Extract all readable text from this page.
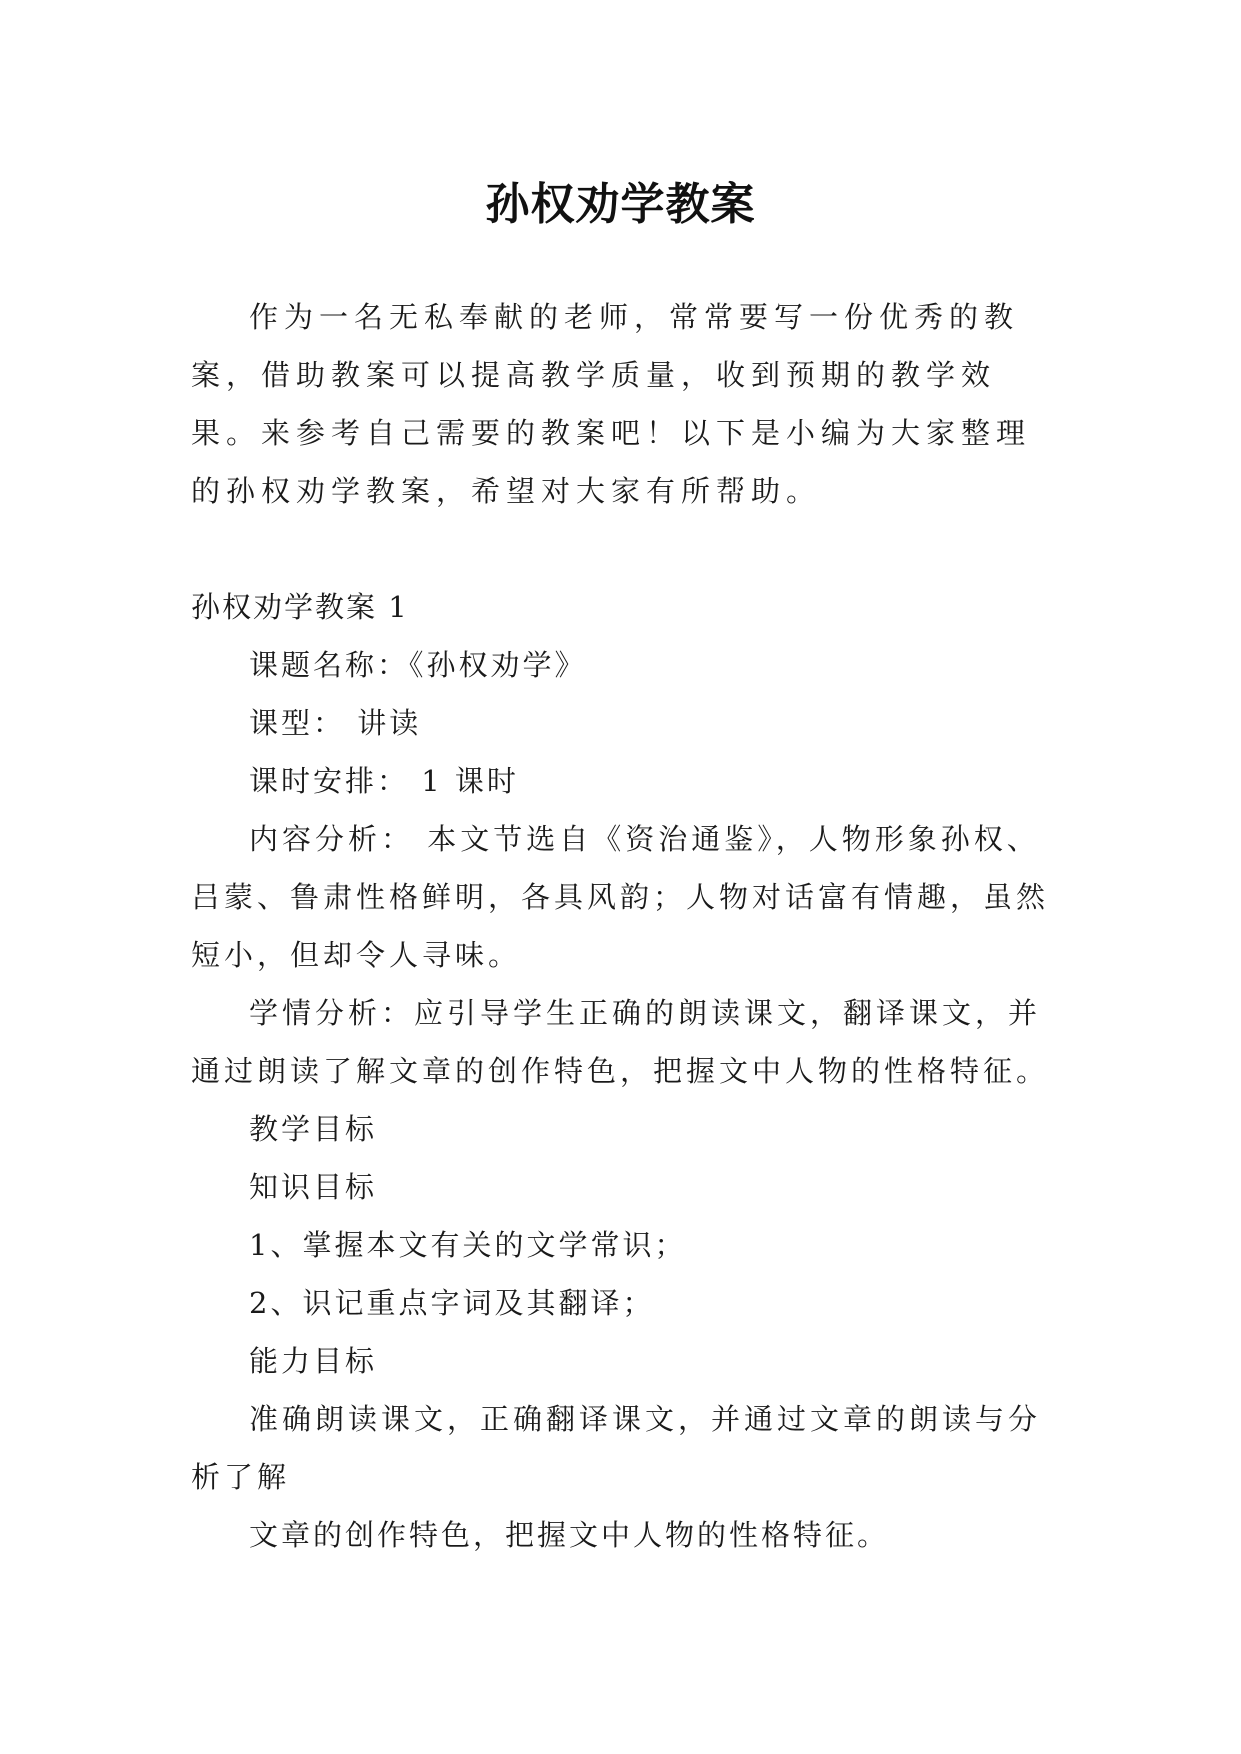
孙权劝学教案

作为一名无私奉献的老师，常常要写一份优秀的教案，借助教案可以提高教学质量，收到预期的教学效果。来参考自己需要的教案吧！以下是小编为大家整理的孙权劝学教案，希望对大家有所帮助。

孙权劝学教案 1

课题名称：《孙权劝学》

课型： 讲读

课时安排： 1 课时

内容分析： 本文节选自《资治通鉴》，人物形象孙权、吕蒙、鲁肃性格鲜明，各具风韵；人物对话富有情趣，虽然短小，但却令人寻味。

学情分析：应引导学生正确的朗读课文，翻译课文，并通过朗读了解文章的创作特色，把握文中人物的性格特征。

教学目标

知识目标

1、掌握本文有关的文学常识；

2、识记重点字词及其翻译；

能力目标

准确朗读课文，正确翻译课文，并通过文章的朗读与分析了解

文章的创作特色，把握文中人物的性格特征。
